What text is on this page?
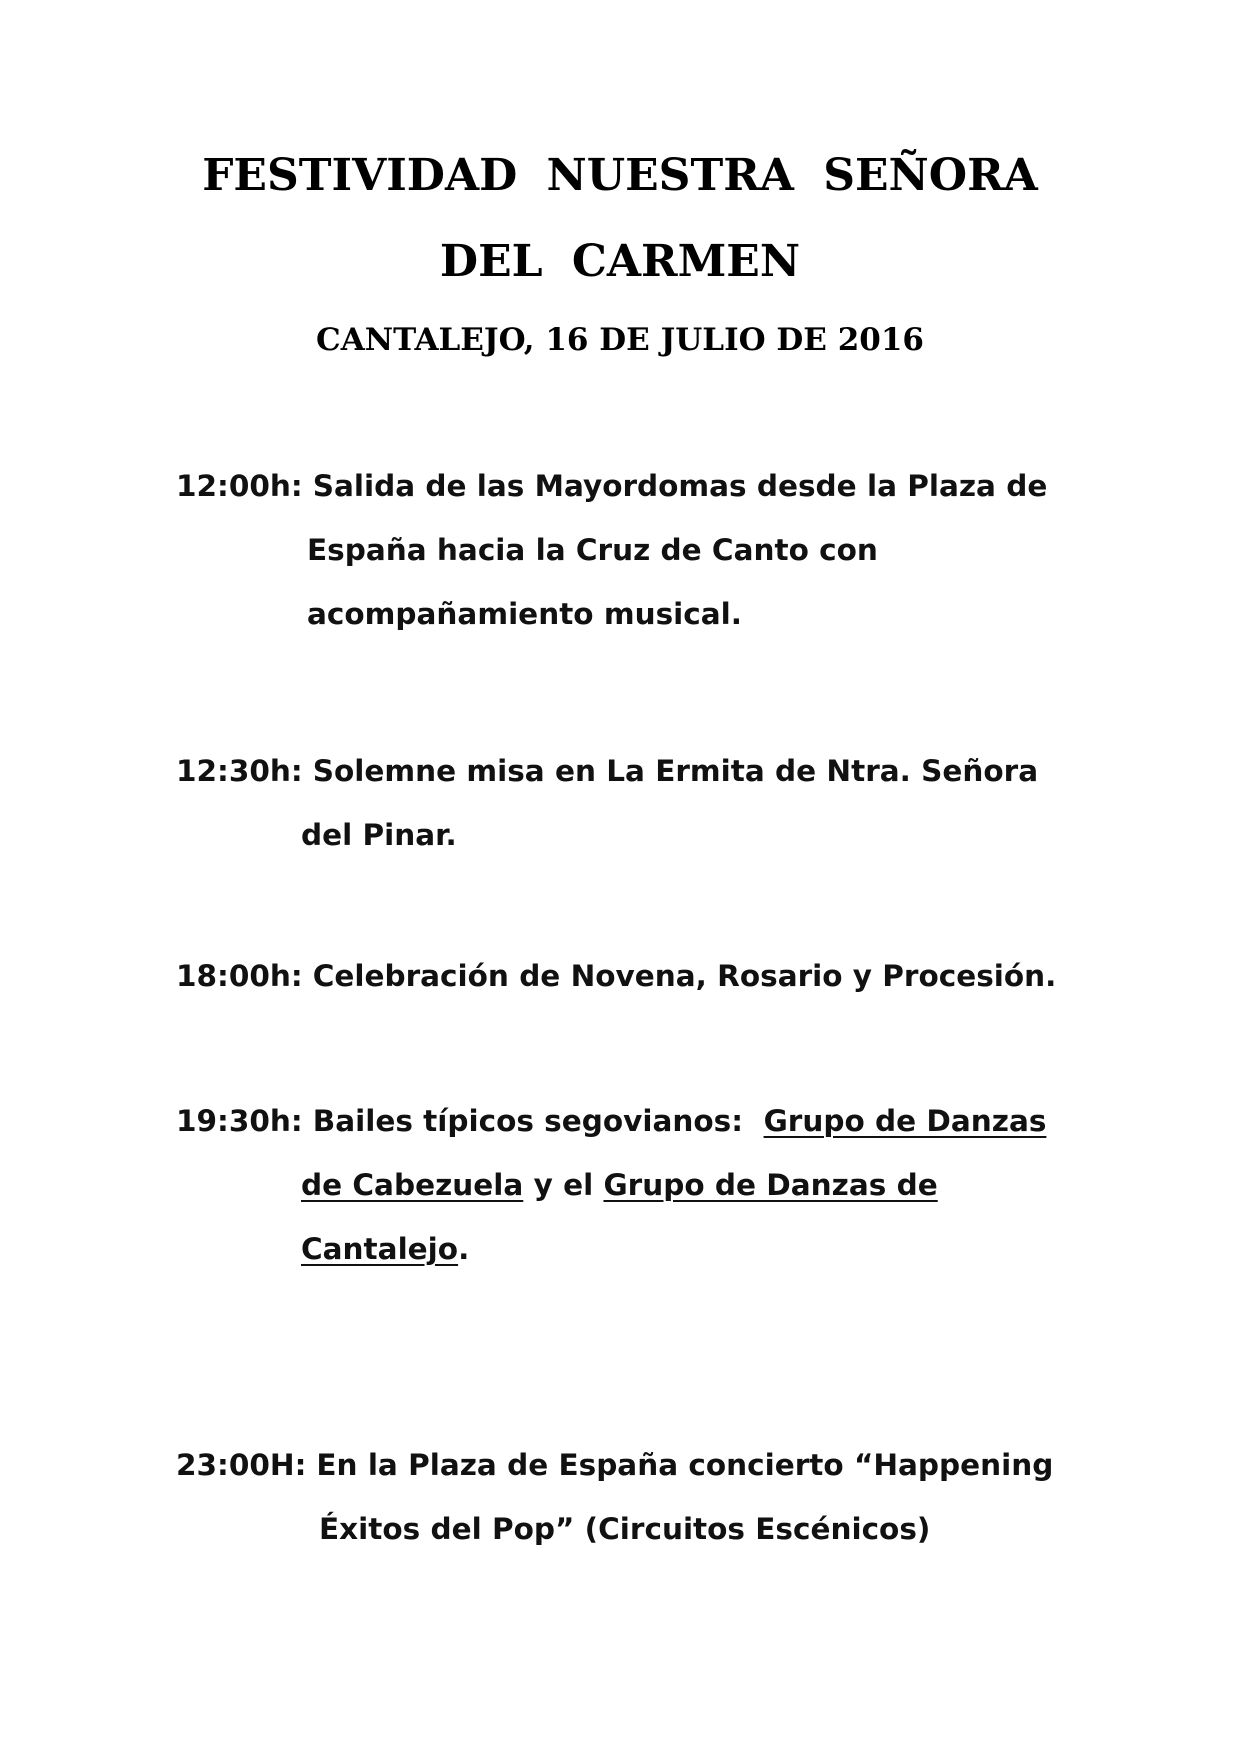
FESTIVIDAD NUESTRA SEÑORA
DEL CARMEN
CANTALEJO, 16 DE JULIO DE 2016
12:00h: Salida de las Mayordomas desde la Plaza de
España hacia la Cruz de Canto con
acompañamiento musical.
12:30h: Solemne misa en La Ermita de Ntra. Señora
del Pinar.
18:00h: Celebración de Novena, Rosario y Procesión.
19:30h: Bailes típicos segovianos: Grupo de Danzas
de Cabezuela y el Grupo de Danzas de
Cantalejo.
23:00H: En la Plaza de España concierto “Happening
Éxitos del Pop” (Circuitos Escénicos)
